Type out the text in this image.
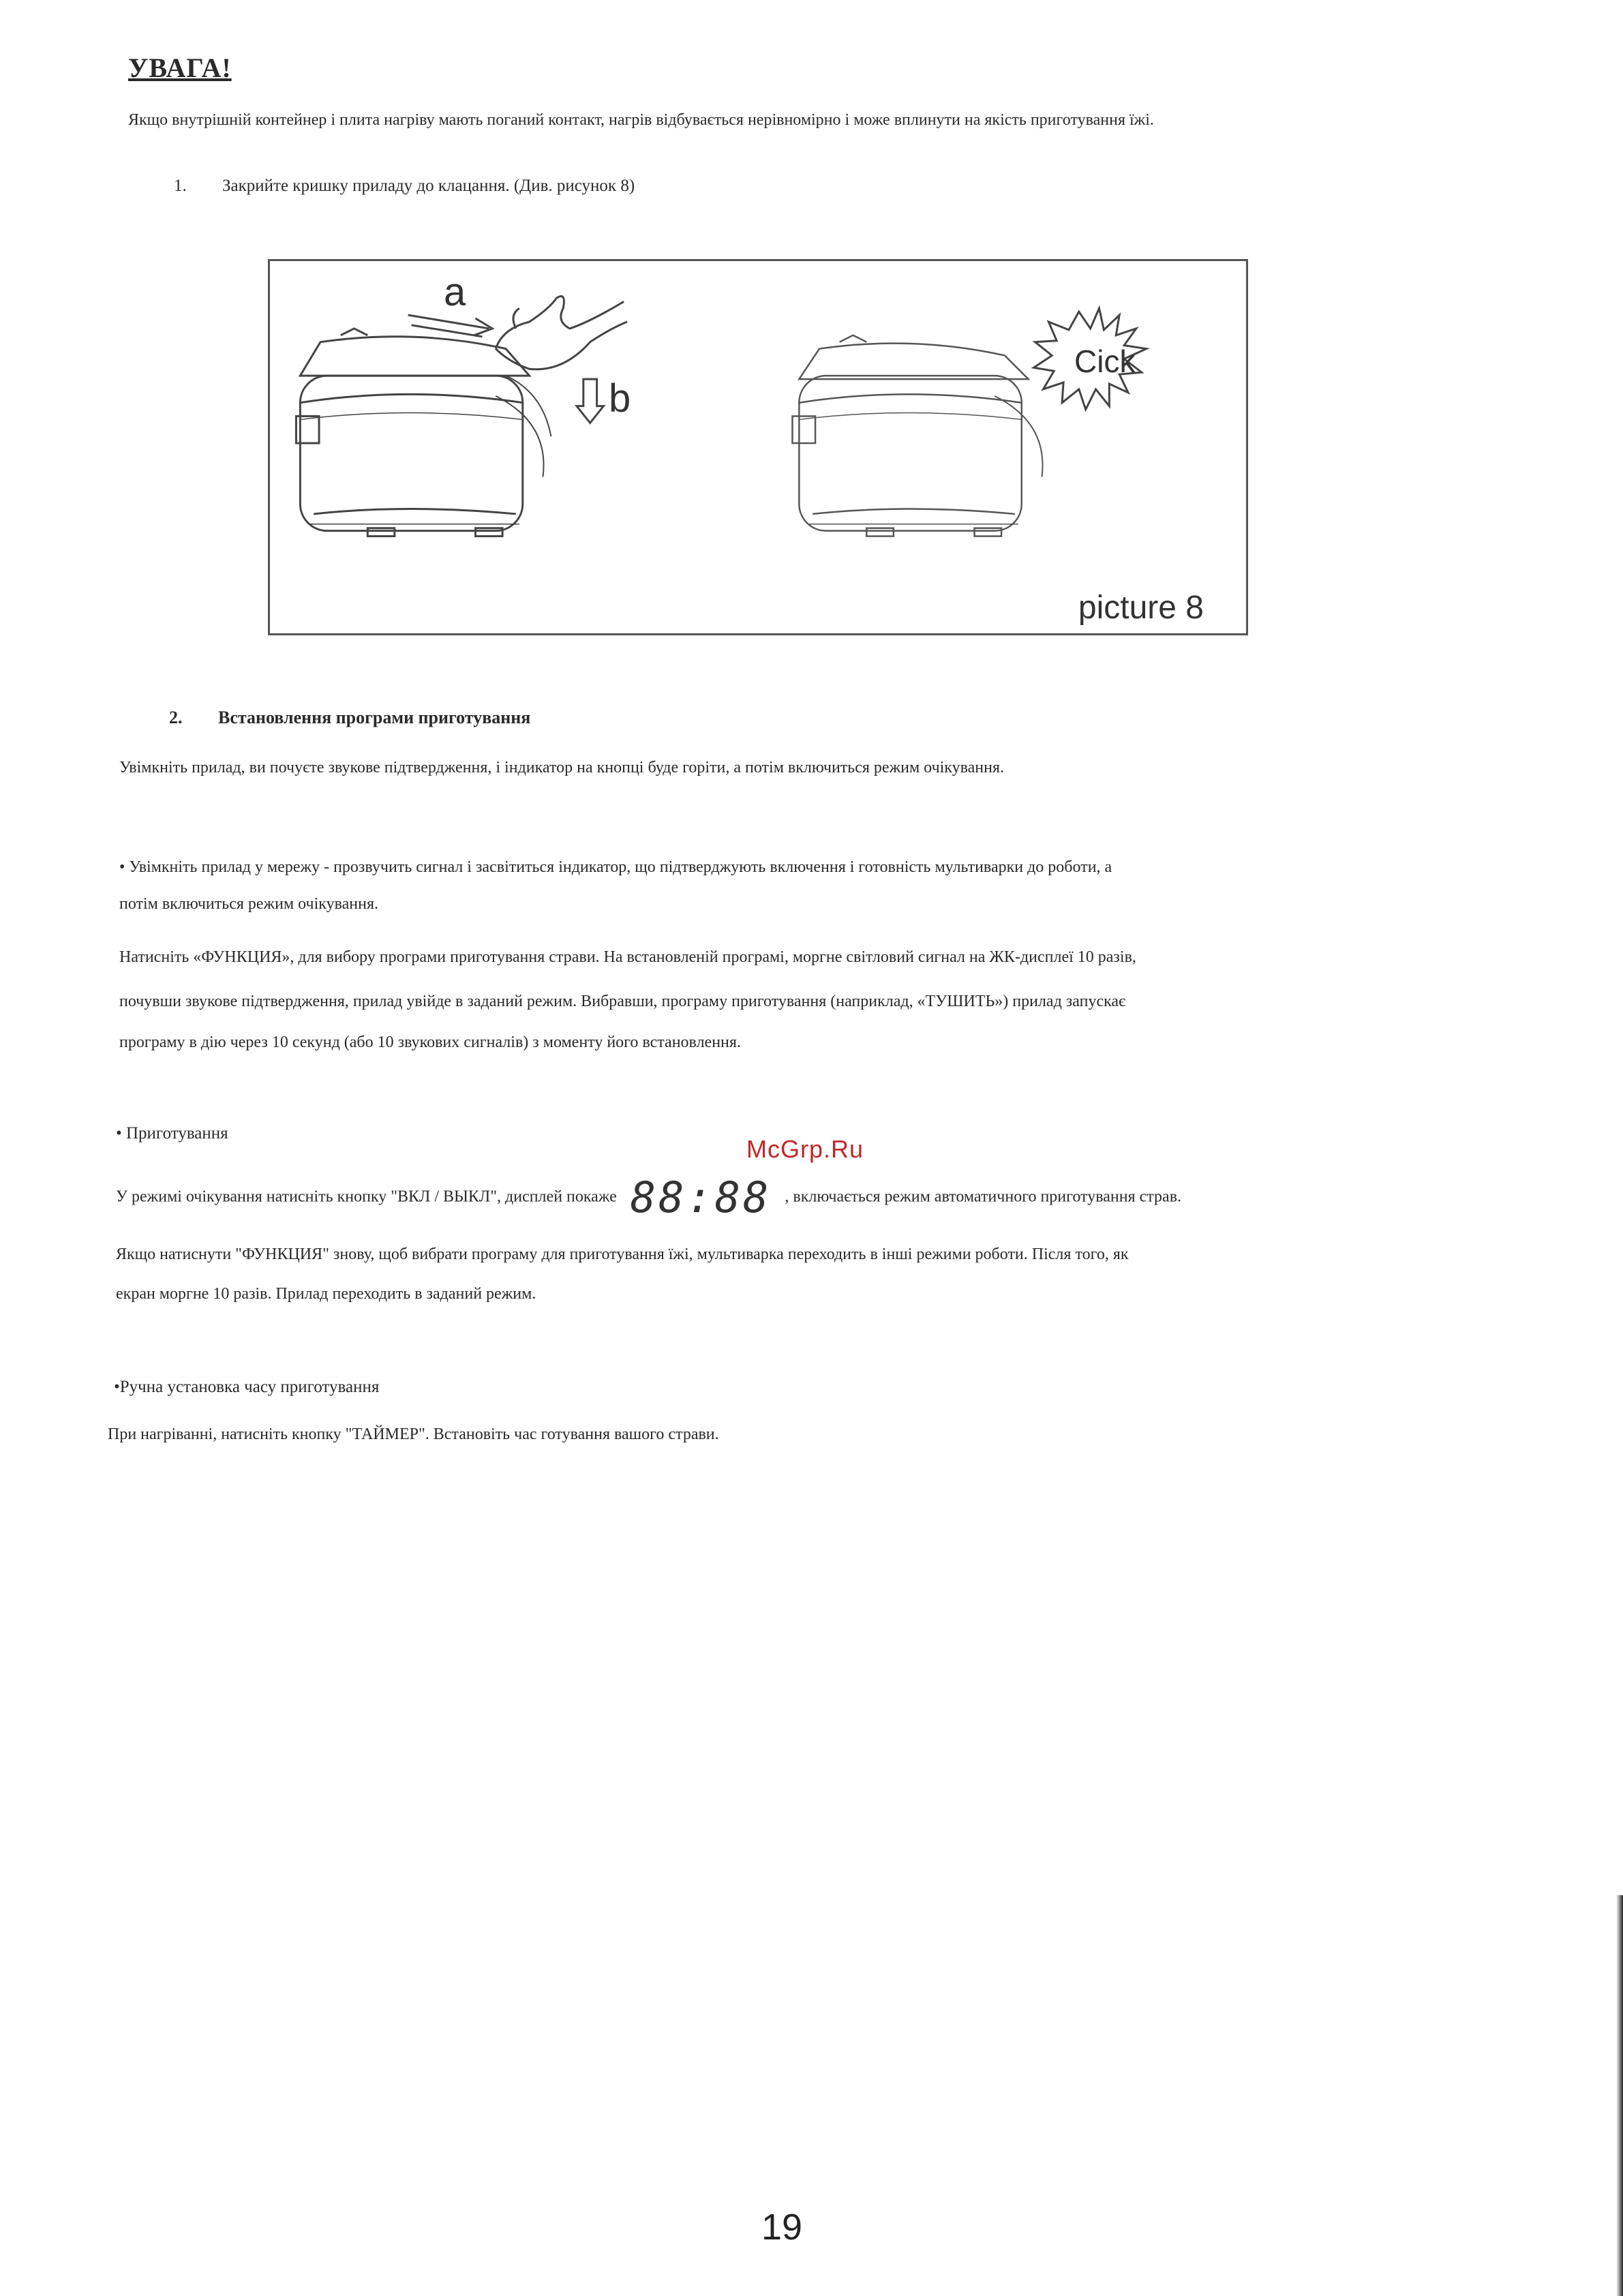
УВАГА!

Якщо внутрішній контейнер і плита нагріву мають поганий контакт, нагрів відбувається нерівномірно і може вплинути на якість приготування їжі.

1. Закрийте кришку приладу до клацання. (Див. рисунок 8)
a
b
Cick
picture 8
2. Встановлення програми приготування

Увімкніть прилад, ви почуєте звукове підтвердження, і індикатор на кнопці буде горіти, а потім включиться режим очікування.

• Увімкніть прилад у мережу - прозвучить сигнал і засвітиться індикатор, що підтверджують включення і готовність мультиварки до роботи, а

потім включиться режим очікування.

Натисніть «ФУНКЦИЯ», для вибору програми приготування страви. На встановленій програмі, моргне світловий сигнал на ЖК-дисплеї 10 разів,

почувши звукове підтвердження, прилад увійде в заданий режим. Вибравши, програму приготування (наприклад, «ТУШИТЬ») прилад запускає

програму в дію через 10 секунд (або 10 звукових сигналів) з моменту його встановлення.

• Приготування

McGrp.Ru
У режимі очікування натисніть кнопку "ВКЛ / ВЫКЛ", дисплей покаже 88:88 , включається режим автоматичного приготування страв.

Якщо натиснути "ФУНКЦИЯ" знову, щоб вибрати програму для приготування їжі, мультиварка переходить в інші режими роботи. Після того, як

екран моргне 10 разів. Прилад переходить в заданий режим.

•Ручна установка часу приготування

При нагріванні, натисніть кнопку "ТАЙМЕР". Встановіть час готування вашого страви.

19
